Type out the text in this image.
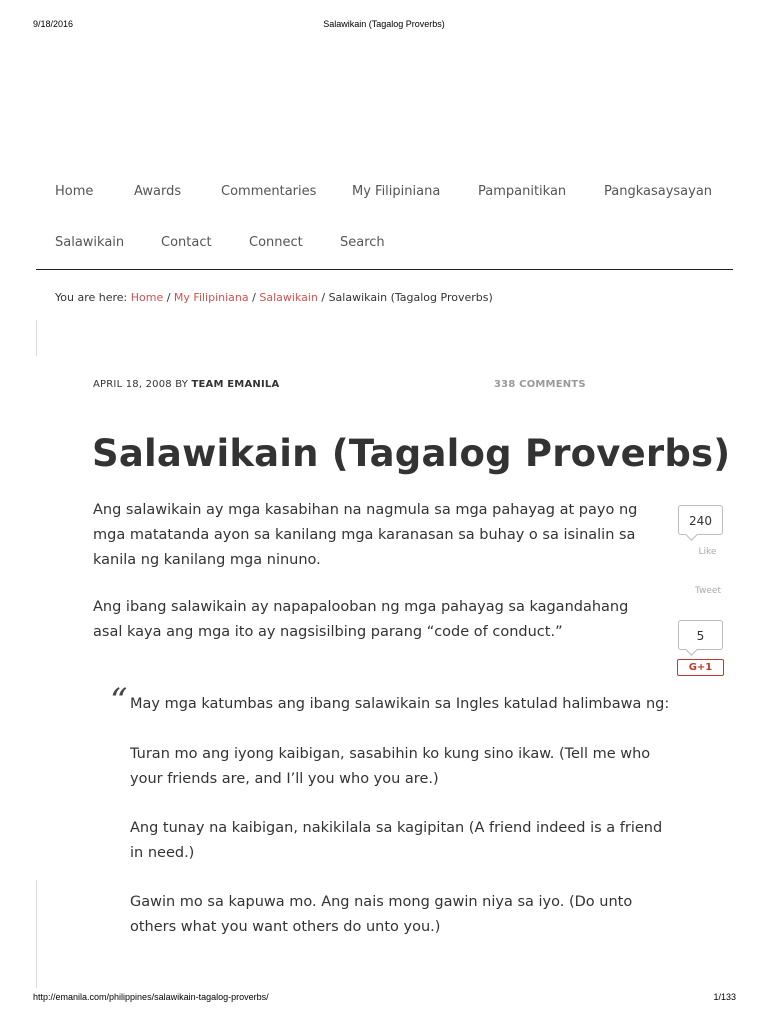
9/18/2016	Salawikain (Tagalog Proverbs)
Home	Awards	Commentaries	My Filipiniana	Pampanitikan	Pangkasaysayan
Salawikain	Contact	Connect	Search
You are here: Home / My Filipiniana / Salawikain / Salawikain (Tagalog Proverbs)
APRIL 18, 2008 BY TEAM EMANILA	338 COMMENTS
Salawikain (Tagalog Proverbs)

Ang salawikain ay mga kasabihan na nagmula sa mga pahayag at payo ng mga matatanda ayon sa kanilang mga karanasan sa buhay o sa isinalin sa kanila ng kanilang mga ninuno.

Ang ibang salawikain ay napapalooban ng mga pahayag sa kagandahang asal kaya ang mga ito ay nagsisilbing parang “code of conduct.”

“ May mga katumbas ang ibang salawikain sa Ingles katulad halimbawa ng:

Turan mo ang iyong kaibigan, sasabihin ko kung sino ikaw. (Tell me who your friends are, and I’ll you who you are.)

Ang tunay na kaibigan, nakikilala sa kagipitan (A friend indeed is a friend in need.)

Gawin mo sa kapuwa mo. Ang nais mong gawin niya sa iyo. (Do unto others what you want others do unto you.)

240
Like
Tweet
5
G+1
http://emanila.com/philippines/salawikain-tagalog-proverbs/	1/133
